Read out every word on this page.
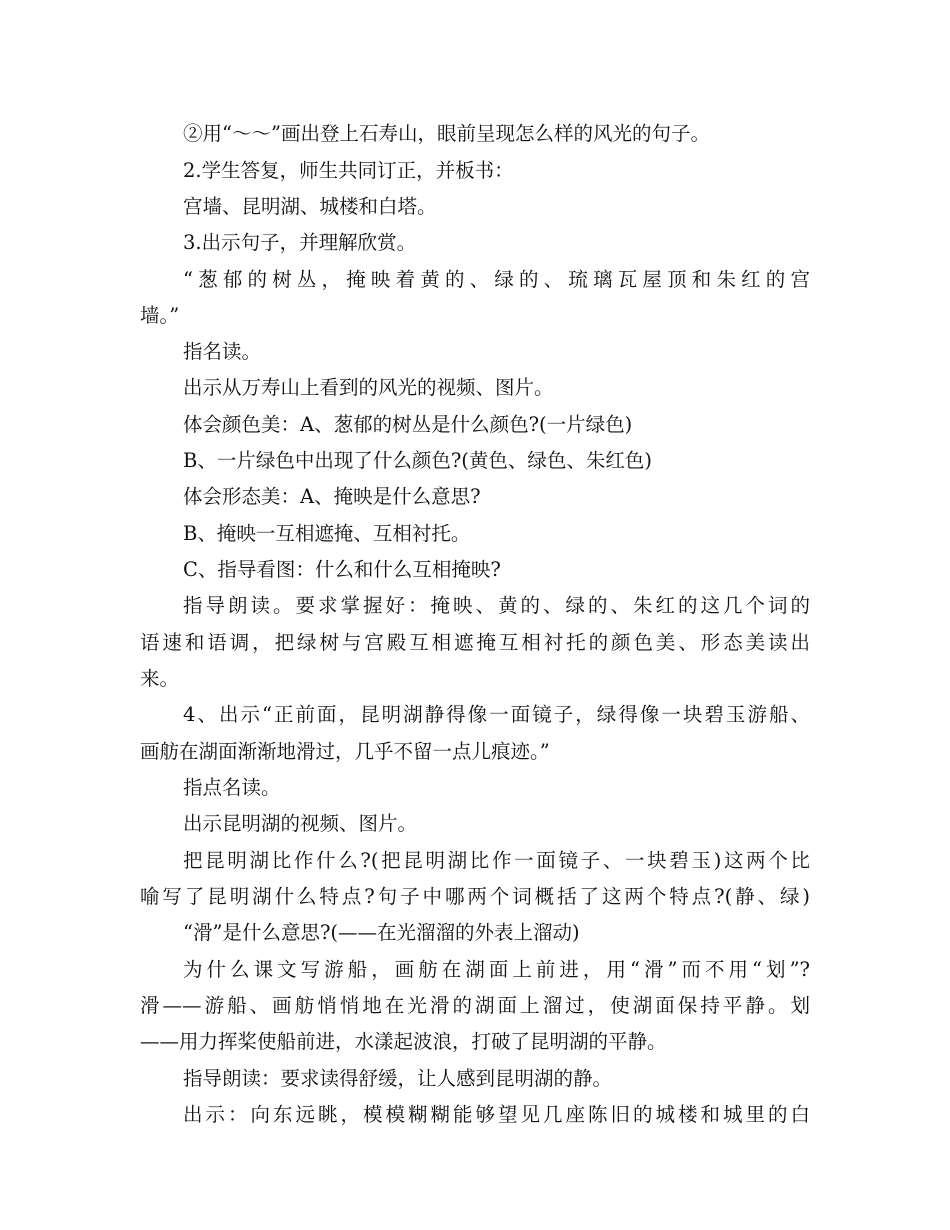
②用“～～”画出登上石寿山，眼前呈现怎么样的风光的句子。
2.学生答复，师生共同订正，并板书：
宫墙、昆明湖、城楼和白塔。
3.出示句子，并理解欣赏。
“葱郁的树丛，掩映着黄的、绿的、琉璃瓦屋顶和朱红的宫
墙。”
指名读。
出示从万寿山上看到的风光的视频、图片。
体会颜色美：A、葱郁的树丛是什么颜色?(一片绿色)
B、一片绿色中出现了什么颜色?(黄色、绿色、朱红色)
体会形态美：A、掩映是什么意思?
B、掩映一互相遮掩、互相衬托。
C、指导看图：什么和什么互相掩映?
指导朗读。要求掌握好：掩映、黄的、绿的、朱红的这几个词的
语速和语调，把绿树与宫殿互相遮掩互相衬托的颜色美、形态美读出
来。
4、出示“正前面，昆明湖静得像一面镜子，绿得像一块碧玉游船、
画舫在湖面渐渐地滑过，几乎不留一点儿痕迹。”
指点名读。
出示昆明湖的视频、图片。
把昆明湖比作什么?(把昆明湖比作一面镜子、一块碧玉)这两个比
喻写了昆明湖什么特点?句子中哪两个词概括了这两个特点?(静、绿)
“滑”是什么意思?(——在光溜溜的外表上溜动)
为什么课文写游船，画舫在湖面上前进，用“滑”而不用“划”?
滑——游船、画舫悄悄地在光滑的湖面上溜过，使湖面保持平静。划
——用力挥桨使船前进，水漾起波浪，打破了昆明湖的平静。
指导朗读：要求读得舒缓，让人感到昆明湖的静。
出示：向东远眺，模模糊糊能够望见几座陈旧的城楼和城里的白
